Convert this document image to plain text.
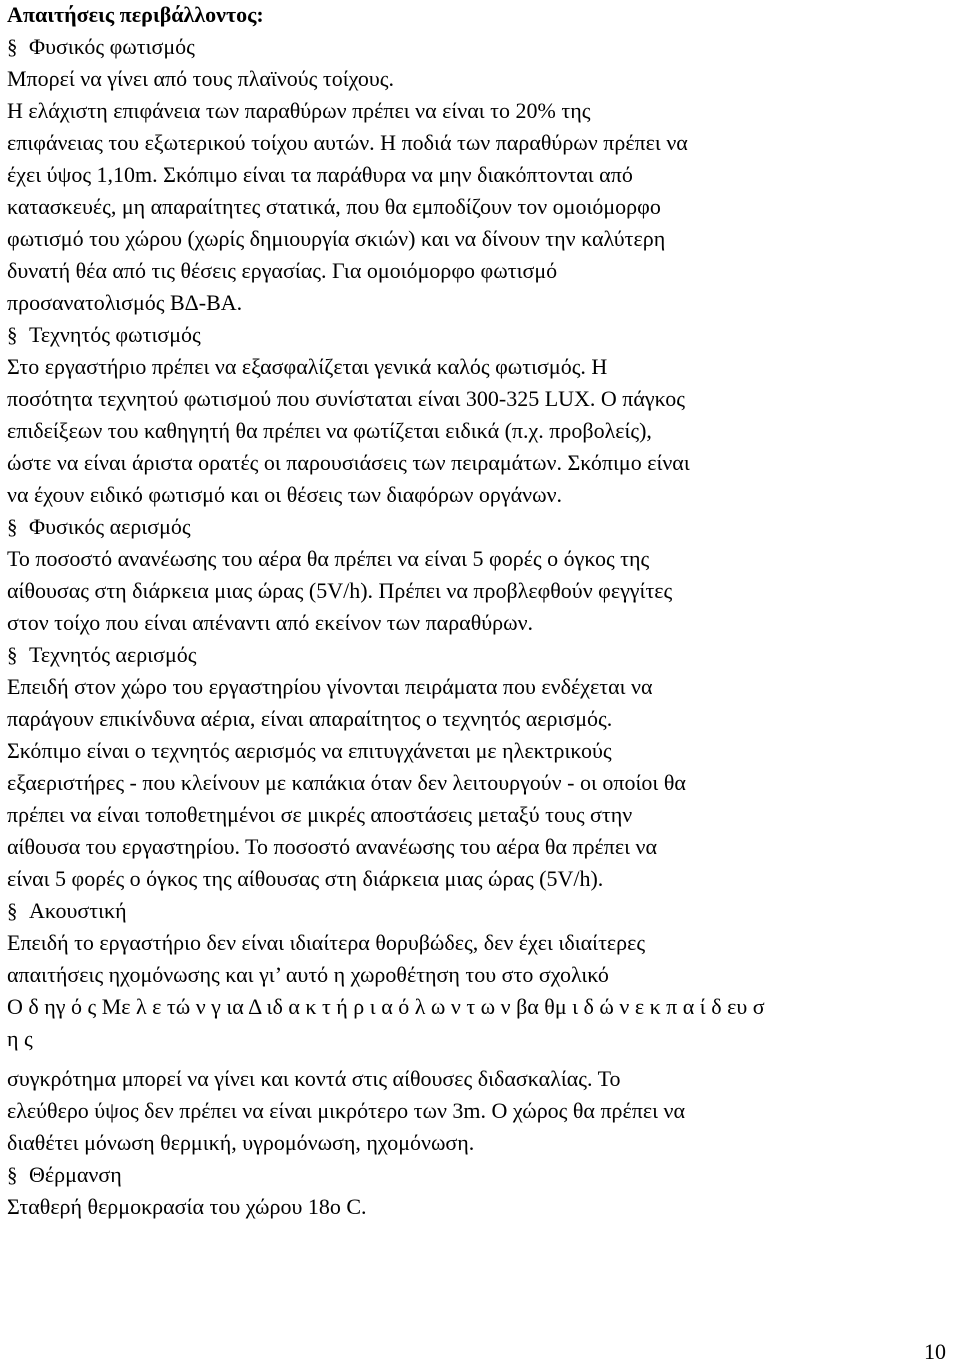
Απαιτήσεις περιβάλλοντος:
§ Φυσικός φωτισμός
Μπορεί να γίνει από τους πλαϊνούς τοίχους.
Η ελάχιστη επιφάνεια των παραθύρων πρέπει να είναι το 20% της
επιφάνειας του εξωτερικού τοίχου αυτών. Η ποδιά των παραθύρων πρέπει να
έχει ύψος 1,10m. Σκόπιμο είναι τα παράθυρα να μην διακόπτονται από
κατασκευές, μη απαραίτητες στατικά, που θα εμποδίζουν τον ομοιόμορφο
φωτισμό του χώρου (χωρίς δημιουργία σκιών) και να δίνουν την καλύτερη
δυνατή θέα από τις θέσεις εργασίας. Για ομοιόμορφο φωτισμό
προσανατολισμός ΒΔ-ΒΑ.
§ Τεχνητός φωτισμός
Στο εργαστήριο πρέπει να εξασφαλίζεται γενικά καλός φωτισμός. Η
ποσότητα τεχνητού φωτισμού που συνίσταται είναι 300-325 LUX. Ο πάγκος
επιδείξεων του καθηγητή θα πρέπει να φωτίζεται ειδικά (π.χ. προβολείς),
ώστε να είναι άριστα ορατές οι παρουσιάσεις των πειραμάτων. Σκόπιμο είναι
να έχουν ειδικό φωτισμό και οι θέσεις των διαφόρων οργάνων.
§ Φυσικός αερισμός
Το ποσοστό ανανέωσης του αέρα θα πρέπει να είναι 5 φορές ο όγκος της
αίθουσας στη διάρκεια μιας ώρας (5V/h). Πρέπει να προβλεφθούν φεγγίτες
στον τοίχο που είναι απέναντι από εκείνον των παραθύρων.
§ Τεχνητός αερισμός
Επειδή στον χώρο του εργαστηρίου γίνονται πειράματα που ενδέχεται να
παράγουν επικίνδυνα αέρια, είναι απαραίτητος ο τεχνητός αερισμός.
Σκόπιμο είναι ο τεχνητός αερισμός να επιτυγχάνεται με ηλεκτρικούς
εξαεριστήρες - που κλείνουν με καπάκια όταν δεν λειτουργούν - οι οποίοι θα
πρέπει να είναι τοποθετημένοι σε μικρές αποστάσεις μεταξύ τους στην
αίθουσα του εργαστηρίου. Το ποσοστό ανανέωσης του αέρα θα πρέπει να
είναι 5 φορές ο όγκος της αίθουσας στη διάρκεια μιας ώρας (5V/h).
§ Ακουστική
Επειδή το εργαστήριο δεν είναι ιδιαίτερα θορυβώδες, δεν έχει ιδιαίτερες
απαιτήσεις ηχομόνωσης και γι’ αυτό η χωροθέτηση του στο σχολικό
Ο δ ηγ ό ς Με λ ε τώ ν γ ια Δ ιδ α κ τ ή ρ ι α ό λ ω ν τ ω ν βα θμ ι δ ώ ν ε κ π α ί δ ευ σ
η ς
συγκρότημα μπορεί να γίνει και κοντά στις αίθουσες διδασκαλίας. Το
ελεύθερο ύψος δεν πρέπει να είναι μικρότερο των 3m. Ο χώρος θα πρέπει να
διαθέτει μόνωση θερμική, υγρομόνωση, ηχομόνωση.
§ Θέρμανση
Σταθερή θερμοκρασία του χώρου 18ο C.
10
